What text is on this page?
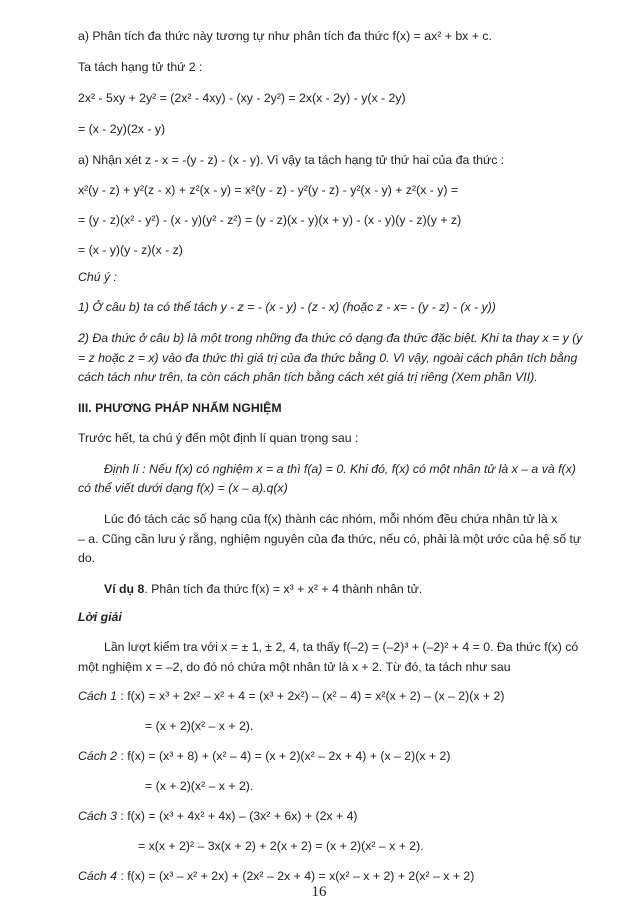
a) Phân tích đa thức này tương tự như phân tích đa thức f(x) = ax² + bx + c.
Ta tách hạng tử thứ 2 :
2x² - 5xy + 2y² = (2x² - 4xy) - (xy - 2y²) = 2x(x - 2y) - y(x - 2y)
= (x - 2y)(2x - y)
a) Nhận xét z - x = -(y - z) - (x - y). Vì vậy ta tách hạng tử thứ hai của đa thức :
x²(y - z) + y²(z - x) + z²(x - y) = x²(y - z) - y²(y - z) - y²(x - y) + z²(x - y) =
= (y - z)(x² - y²) - (x - y)(y² - z²) = (y - z)(x - y)(x + y) - (x - y)(y - z)(y + z)
= (x - y)(y - z)(x - z)
Chú ý :
1) Ở câu b) ta có thể tách y - z = - (x - y) - (z - x) (hoặc z - x= - (y - z) - (x - y))
2) Đa thức ở câu b) là một trong những đa thức có dạng đa thức đặc biệt. Khi ta thay x = y (y
= z hoặc z = x) vào đa thức thì giá trị của đa thức bằng 0. Vì vậy, ngoài cách phân tích bằng
cách tách như trên, ta còn cách phân tích bằng cách xét giá trị riêng (Xem phần VII).
III. PHƯƠNG PHÁP NHẨM NGHIỆM
Trước hết, ta chú ý đến một định lí quan trọng sau :
Định lí : Nếu f(x) có nghiệm x = a thì f(a) = 0. Khi đó, f(x) có một nhân tử là x – a và f(x)
có thể viết dưới dạng f(x) = (x – a).q(x)
Lúc đó tách các số hạng của f(x) thành các nhóm, mỗi nhóm đều chứa nhân tử là x
– a. Cũng cần lưu ý rằng, nghiệm nguyên của đa thức, nếu có, phải là một ước của hệ số tự
do.
Ví dụ 8. Phân tích đa thức f(x) = x³ + x² + 4 thành nhân tử.
Lời giải
Lần lượt kiểm tra với x = ± 1, ± 2, 4, ta thấy f(–2) = (–2)³ + (–2)² + 4 = 0. Đa thức f(x) có
một nghiệm x = –2, do đó nó chứa một nhân tử là x + 2. Từ đó, ta tách như sau
Cách 1 : f(x) = x³ + 2x² – x² + 4 = (x³ + 2x²) – (x² – 4) = x²(x + 2) – (x – 2)(x + 2)
= (x + 2)(x² – x + 2).
Cách 2 : f(x) = (x³ + 8) + (x² – 4) = (x + 2)(x² – 2x + 4) + (x – 2)(x + 2)
= (x + 2)(x² – x + 2).
Cách 3 : f(x) = (x³ + 4x² + 4x) – (3x² + 6x) + (2x + 4)
= x(x + 2)² – 3x(x + 2) + 2(x + 2) = (x + 2)(x² – x + 2).
Cách 4 : f(x) = (x³ – x² + 2x) + (2x² – 2x + 4) = x(x² – x + 2) + 2(x² – x + 2)
16
